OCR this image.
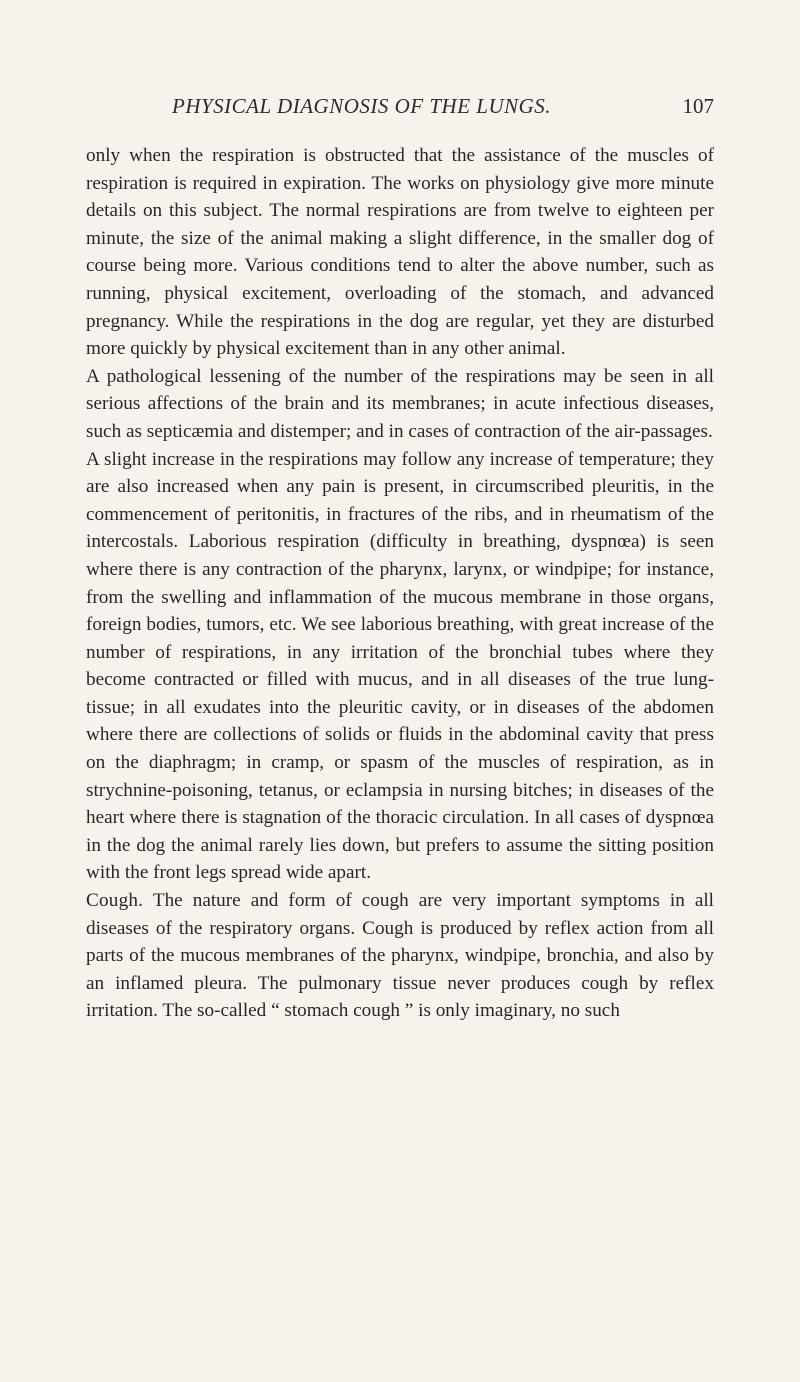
PHYSICAL DIAGNOSIS OF THE LUNGS.	107

only when the respiration is obstructed that the assistance of the muscles of respiration is required in expiration. The works on physiology give more minute details on this subject. The normal respirations are from twelve to eighteen per minute, the size of the animal making a slight difference, in the smaller dog of course being more. Various conditions tend to alter the above number, such as running, physical excitement, overloading of the stomach, and advanced pregnancy. While the respirations in the dog are regular, yet they are disturbed more quickly by physical excitement than in any other animal.

A pathological lessening of the number of the respirations may be seen in all serious affections of the brain and its membranes; in acute infectious diseases, such as septicæmia and distemper; and in cases of contraction of the air-passages.

A slight increase in the respirations may follow any increase of temperature; they are also increased when any pain is present, in circumscribed pleuritis, in the commencement of peritonitis, in fractures of the ribs, and in rheumatism of the intercostals. Laborious respiration (difficulty in breathing, dyspnœa) is seen where there is any contraction of the pharynx, larynx, or windpipe; for instance, from the swelling and inflammation of the mucous membrane in those organs, foreign bodies, tumors, etc. We see laborious breathing, with great increase of the number of respirations, in any irritation of the bronchial tubes where they become contracted or filled with mucus, and in all diseases of the true lung-tissue; in all exudates into the pleuritic cavity, or in diseases of the abdomen where there are collections of solids or fluids in the abdominal cavity that press on the diaphragm; in cramp, or spasm of the muscles of respiration, as in strychnine-poisoning, tetanus, or eclampsia in nursing bitches; in diseases of the heart where there is stagnation of the thoracic circulation. In all cases of dyspnœa in the dog the animal rarely lies down, but prefers to assume the sitting position with the front legs spread wide apart.

Cough. The nature and form of cough are very important symptoms in all diseases of the respiratory organs. Cough is produced by reflex action from all parts of the mucous membranes of the pharynx, windpipe, bronchia, and also by an inflamed pleura. The pulmonary tissue never produces cough by reflex irritation. The so-called “ stomach cough ” is only imaginary, no such
